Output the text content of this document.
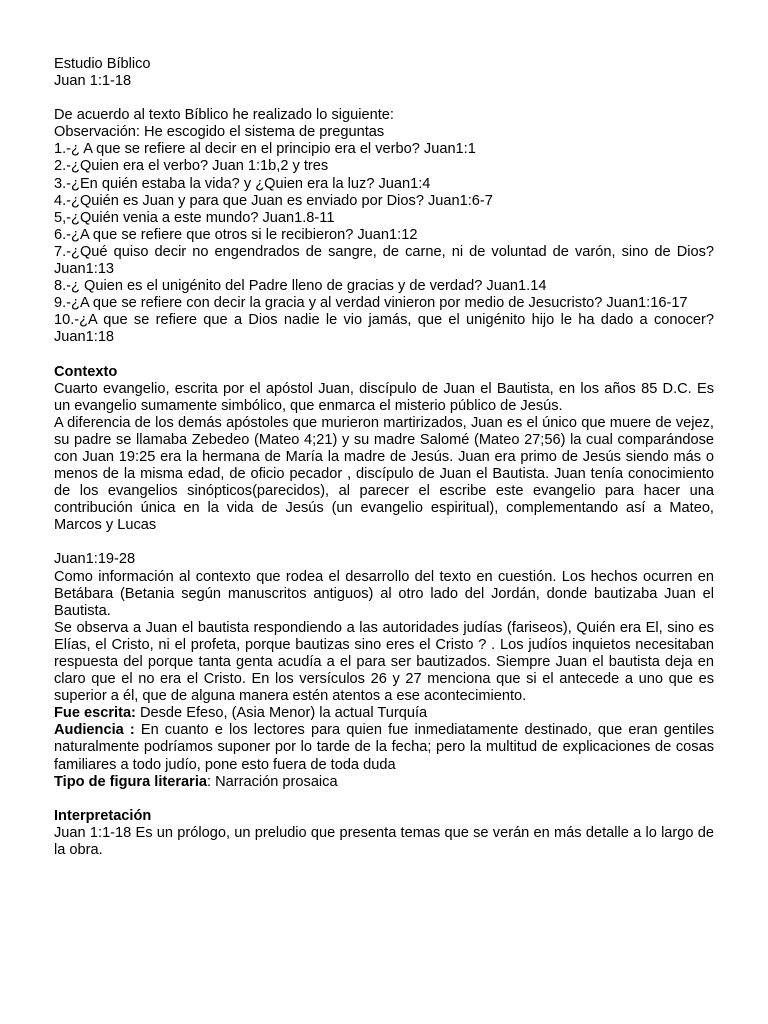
Estudio Bíblico
Juan 1:1-18
De acuerdo al texto Bíblico he realizado lo siguiente:
Observación: He escogido el sistema de preguntas

1.-¿ A que se refiere al decir en el principio era el verbo? Juan1:1

2.-¿Quien era el verbo? Juan 1:1b,2 y tres

3.-¿En quién estaba la vida? y ¿Quien era la luz? Juan1:4

4.-¿Quién es Juan y para que Juan es enviado por Dios? Juan1:6-7

5,-¿Quién venia a este mundo? Juan1.8-11

6.-¿A que se refiere que otros si le recibieron? Juan1:12

7.-¿Qué quiso decir no engendrados de sangre, de carne, ni de voluntad de varón, sino de Dios? Juan1:13

8.-¿ Quien es el unigénito del Padre lleno de gracias y de verdad? Juan1.14

9.-¿A que se refiere con decir la gracia y al verdad vinieron por medio de Jesucristo? Juan1:16-17

10.-¿A que se refiere que a Dios nadie le vio jamás, que el unigénito hijo le ha dado a conocer? Juan1:18

Contexto

Cuarto evangelio, escrita por el apóstol Juan, discípulo de Juan el Bautista, en los años 85 D.C. Es un evangelio sumamente simbólico, que enmarca el misterio público de Jesús.

A diferencia de los demás apóstoles que murieron martirizados, Juan es el único que muere de vejez, su padre se llamaba Zebedeo (Mateo 4;21) y su madre Salomé (Mateo 27;56) la cual comparándose con Juan 19:25 era la hermana de María la madre de Jesús. Juan era primo de Jesús siendo más o menos de la misma edad, de oficio pecador , discípulo de Juan el Bautista. Juan tenía conocimiento de los evangelios sinópticos(parecidos), al parecer el escribe este evangelio para hacer una contribución única en la vida de Jesús (un evangelio espiritual), complementando así a Mateo, Marcos y Lucas

Juan1:19-28

Como información al contexto que rodea el desarrollo del texto en cuestión. Los hechos ocurren en Betábara (Betania según manuscritos antiguos) al otro lado del Jordán, donde bautizaba Juan el Bautista.

Se observa a Juan el bautista respondiendo a las autoridades judías (fariseos), Quién era El, sino es Elías, el Cristo, ni el profeta, porque bautizas sino eres el Cristo ? . Los judíos inquietos necesitaban respuesta del porque tanta genta acudía a el para ser bautizados. Siempre Juan el bautista deja en claro que el no era el Cristo. En los versículos 26 y 27 menciona que si el antecede a uno que es superior a él, que de alguna manera estén atentos a ese acontecimiento.

Fue escrita: Desde Efeso, (Asia Menor) la actual Turquía

Audiencia : En cuanto e los lectores para quien fue inmediatamente destinado, que eran gentiles naturalmente podríamos suponer por lo tarde de la fecha; pero la multitud de explicaciones de cosas familiares a todo judío, pone esto fuera de toda duda

Tipo de figura literaria: Narración prosaica

Interpretación

Juan 1:1-18 Es un prólogo, un preludio que presenta temas que se verán en más detalle a lo largo de la obra.
